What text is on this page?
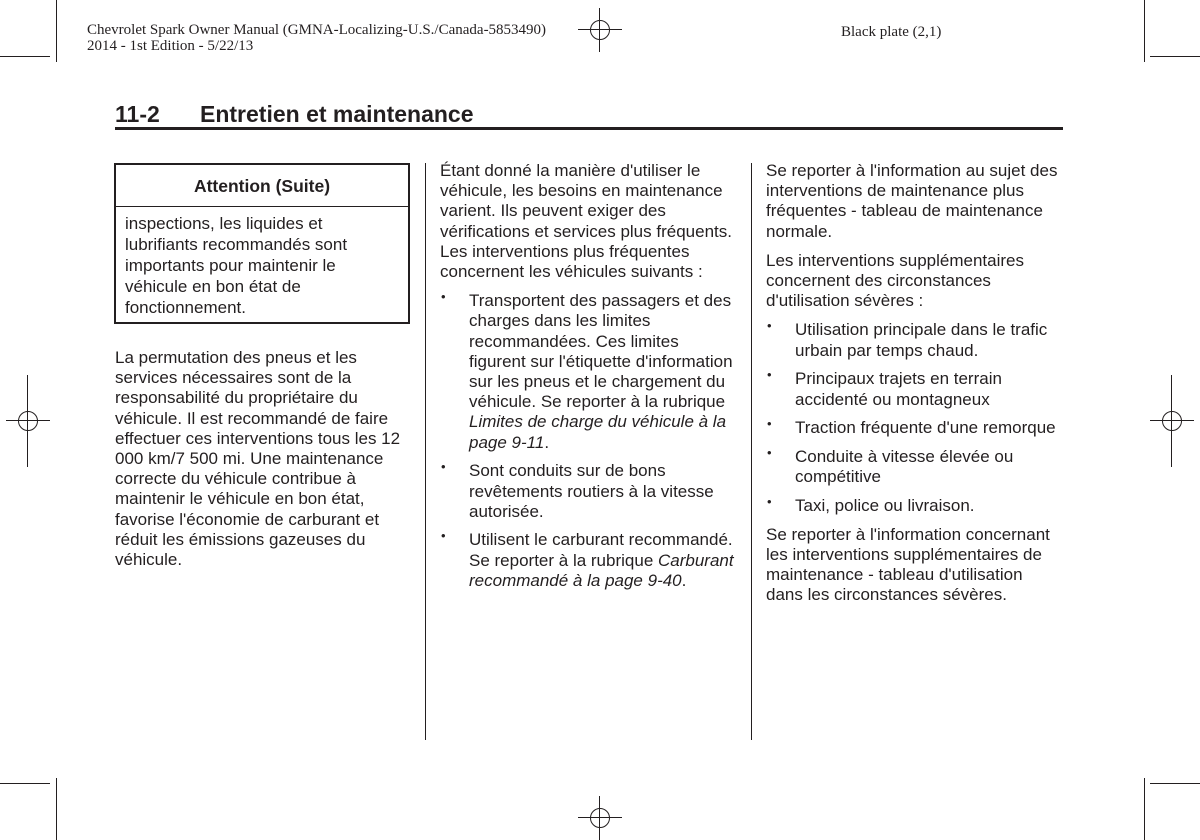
Chevrolet Spark Owner Manual (GMNA-Localizing-U.S./Canada-5853490)
2014 - 1st Edition - 5/22/13
Black plate (2,1)
11-2 Entretien et maintenance
Attention (Suite)
inspections, les liquides et lubrifiants recommandés sont importants pour maintenir le véhicule en bon état de fonctionnement.
La permutation des pneus et les services nécessaires sont de la responsabilité du propriétaire du véhicule. Il est recommandé de faire effectuer ces interventions tous les 12 000 km/7 500 mi. Une maintenance correcte du véhicule contribue à maintenir le véhicule en bon état, favorise l'économie de carburant et réduit les émissions gazeuses du véhicule.

Étant donné la manière d'utiliser le véhicule, les besoins en maintenance varient. Ils peuvent exiger des vérifications et services plus fréquents. Les interventions plus fréquentes concernent les véhicules suivants :

• Transportent des passagers et des charges dans les limites recommandées. Ces limites figurent sur l'étiquette d'information sur les pneus et le chargement du véhicule. Se reporter à la rubrique Limites de charge du véhicule à la page 9-11.
• Sont conduits sur de bons revêtements routiers à la vitesse autorisée.
• Utilisent le carburant recommandé. Se reporter à la rubrique Carburant recommandé à la page 9-40.

Se reporter à l'information au sujet des interventions de maintenance plus fréquentes - tableau de maintenance normale.

Les interventions supplémentaires concernent des circonstances d'utilisation sévères :

• Utilisation principale dans le trafic urbain par temps chaud.
• Principaux trajets en terrain accidenté ou montagneux
• Traction fréquente d'une remorque
• Conduite à vitesse élevée ou compétitive
• Taxi, police ou livraison.

Se reporter à l'information concernant les interventions supplémentaires de maintenance - tableau d'utilisation dans les circonstances sévères.
